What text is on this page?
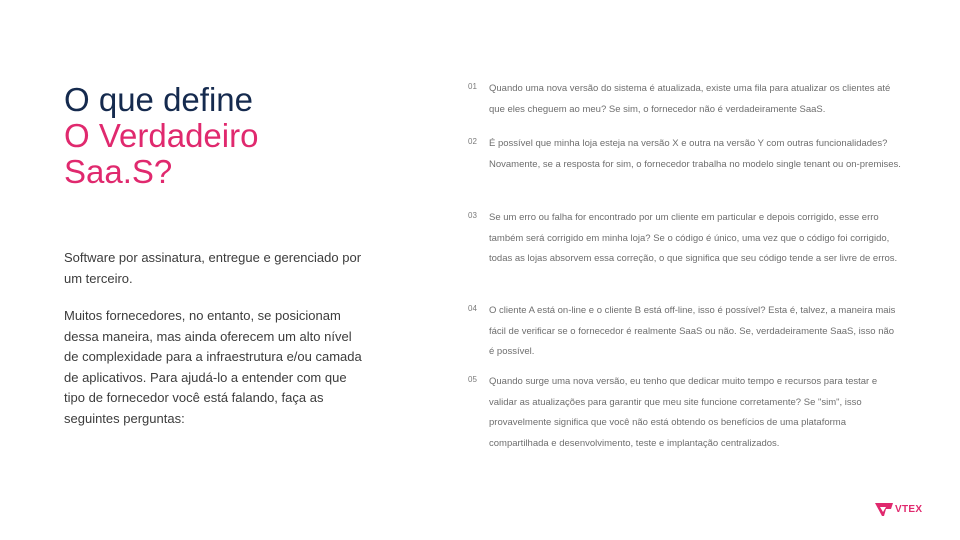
O que define
O Verdadeiro
Saa.S?

Software por assinatura, entregue e gerenciado por um terceiro.

Muitos fornecedores, no entanto, se posicionam dessa maneira, mas ainda oferecem um alto nível de complexidade para a infraestrutura e/ou camada de aplicativos. Para ajudá-lo a entender com que tipo de fornecedor você está falando, faça as seguintes perguntas:

01 Quando uma nova versão do sistema é atualizada, existe uma fila para atualizar os clientes até que eles cheguem ao meu? Se sim, o fornecedor não é verdadeiramente SaaS.

02 É possível que minha loja esteja na versão X e outra na versão Y com outras funcionalidades? Novamente, se a resposta for sim, o fornecedor trabalha no modelo single tenant ou on-premises.

03 Se um erro ou falha for encontrado por um cliente em particular e depois corrigido, esse erro também será corrigido em minha loja? Se o código é único, uma vez que o código foi corrigido, todas as lojas absorvem essa correção, o que significa que seu código tende a ser livre de erros.

04 O cliente A está on-line e o cliente B está off-line, isso é possível? Esta é, talvez, a maneira mais fácil de verificar se o fornecedor é realmente SaaS ou não. Se, verdadeiramente SaaS, isso não é possível.

05 Quando surge uma nova versão, eu tenho que dedicar muito tempo e recursos para testar e validar as atualizações para garantir que meu site funcione corretamente? Se "sim", isso provavelmente significa que você não está obtendo os benefícios de uma plataforma compartilhada e desenvolvimento, teste e implantação centralizados.

VTEX
